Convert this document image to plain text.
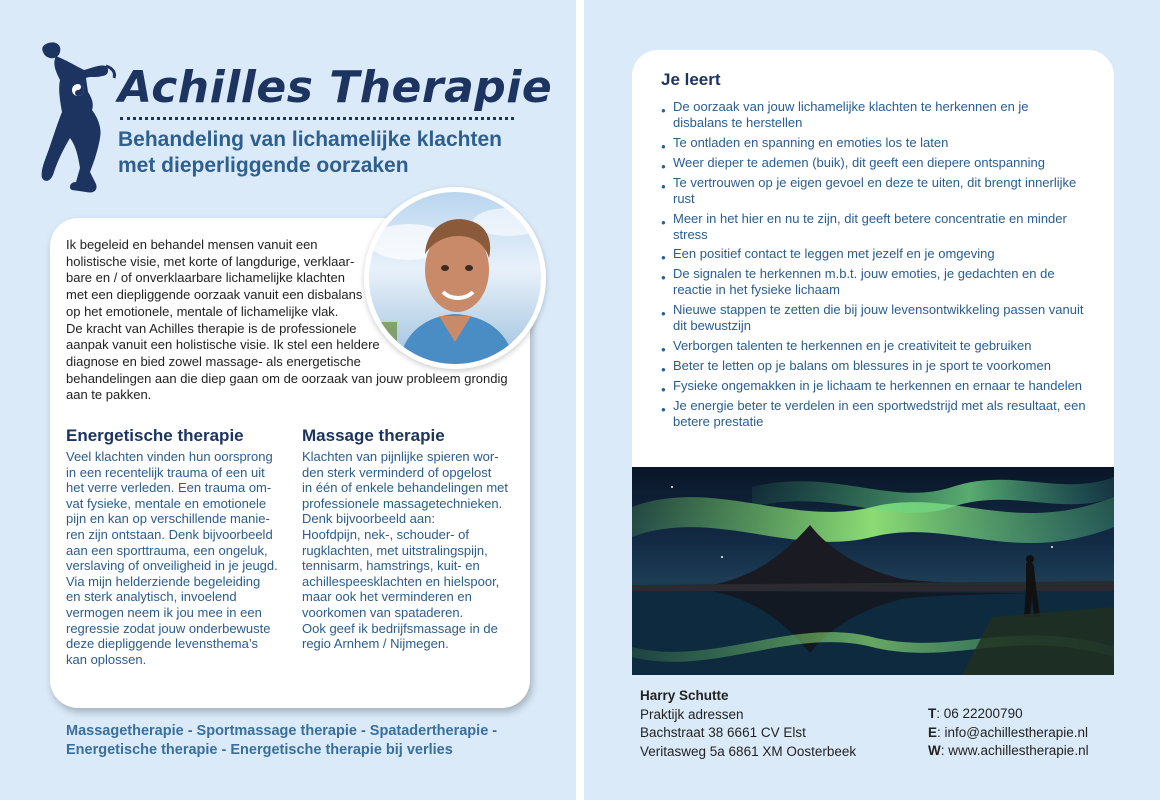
Achilles Therapie
Behandeling van lichamelijke klachten
met dieperliggende oorzaken
Ik begeleid en behandel mensen vanuit een
holistische visie, met korte of langdurige, verklaar-
bare en / of onverklaarbare lichamelijke klachten
met een diepliggende oorzaak vanuit een disbalans
op het emotionele, mentale of lichamelijke vlak.
De kracht van Achilles therapie is de professionele
aanpak vanuit een holistische visie. Ik stel een heldere
diagnose en bied zowel massage- als energetische
behandelingen aan die diep gaan om de oorzaak van jouw probleem grondig
aan te pakken.
Energetische therapie
Veel klachten vinden hun oorsprong
in een recentelijk trauma of een uit
het verre verleden. Een trauma om-
vat fysieke, mentale en emotionele
pijn en kan op verschillende manie-
ren zijn ontstaan. Denk bijvoorbeeld
aan een sporttrauma, een ongeluk,
verslaving of onveiligheid in je jeugd.
Via mijn helderziende begeleiding
en sterk analytisch, invoelend
vermogen neem ik jou mee in een
regressie zodat jouw onderbewuste
deze diepliggende levensthema’s
kan oplossen.
Massage therapie
Klachten van pijnlijke spieren wor-
den sterk verminderd of opgelost
in één of enkele behandelingen met
professionele massagetechnieken.
Denk bijvoorbeeld aan:
Hoofdpijn, nek-, schouder- of
rugklachten, met uitstralingspijn,
tennisarm, hamstrings, kuit- en
achillespeesklachten en hielspoor,
maar ook het verminderen en
voorkomen van spataderen.
Ook geef ik bedrijfsmassage in de
regio Arnhem / Nijmegen.
Massagetherapie - Sportmassage therapie - Spatadertherapie -
Energetische therapie - Energetische therapie bij verlies
Je leert
● De oorzaak van jouw lichamelijke klachten te herkennen en je
disbalans te herstellen
● Te ontladen en spanning en emoties los te laten
● Weer dieper te ademen (buik), dit geeft een diepere ontspanning
● Te vertrouwen op je eigen gevoel en deze te uiten, dit brengt innerlijke
rust
● Meer in het hier en nu te zijn, dit geeft betere concentratie en minder
stress
● Een positief contact te leggen met jezelf en je omgeving
● De signalen te herkennen m.b.t. jouw emoties, je gedachten en de
reactie in het fysieke lichaam
● Nieuwe stappen te zetten die bij jouw levensontwikkeling passen vanuit
dit bewustzijn
● Verborgen talenten te herkennen en je creativiteit te gebruiken
● Beter te letten op je balans om blessures in je sport te voorkomen
● Fysieke ongemakken in je lichaam te herkennen en ernaar te handelen
● Je energie beter te verdelen in een sportwedstrijd met als resultaat, een
betere prestatie
Harry Schutte
Praktijk adressen
Bachstraat 38 6661 CV Elst
Veritasweg 5a 6861 XM Oosterbeek
T: 06 22200790
E: info@achillestherapie.nl
W: www.achillestherapie.nl
